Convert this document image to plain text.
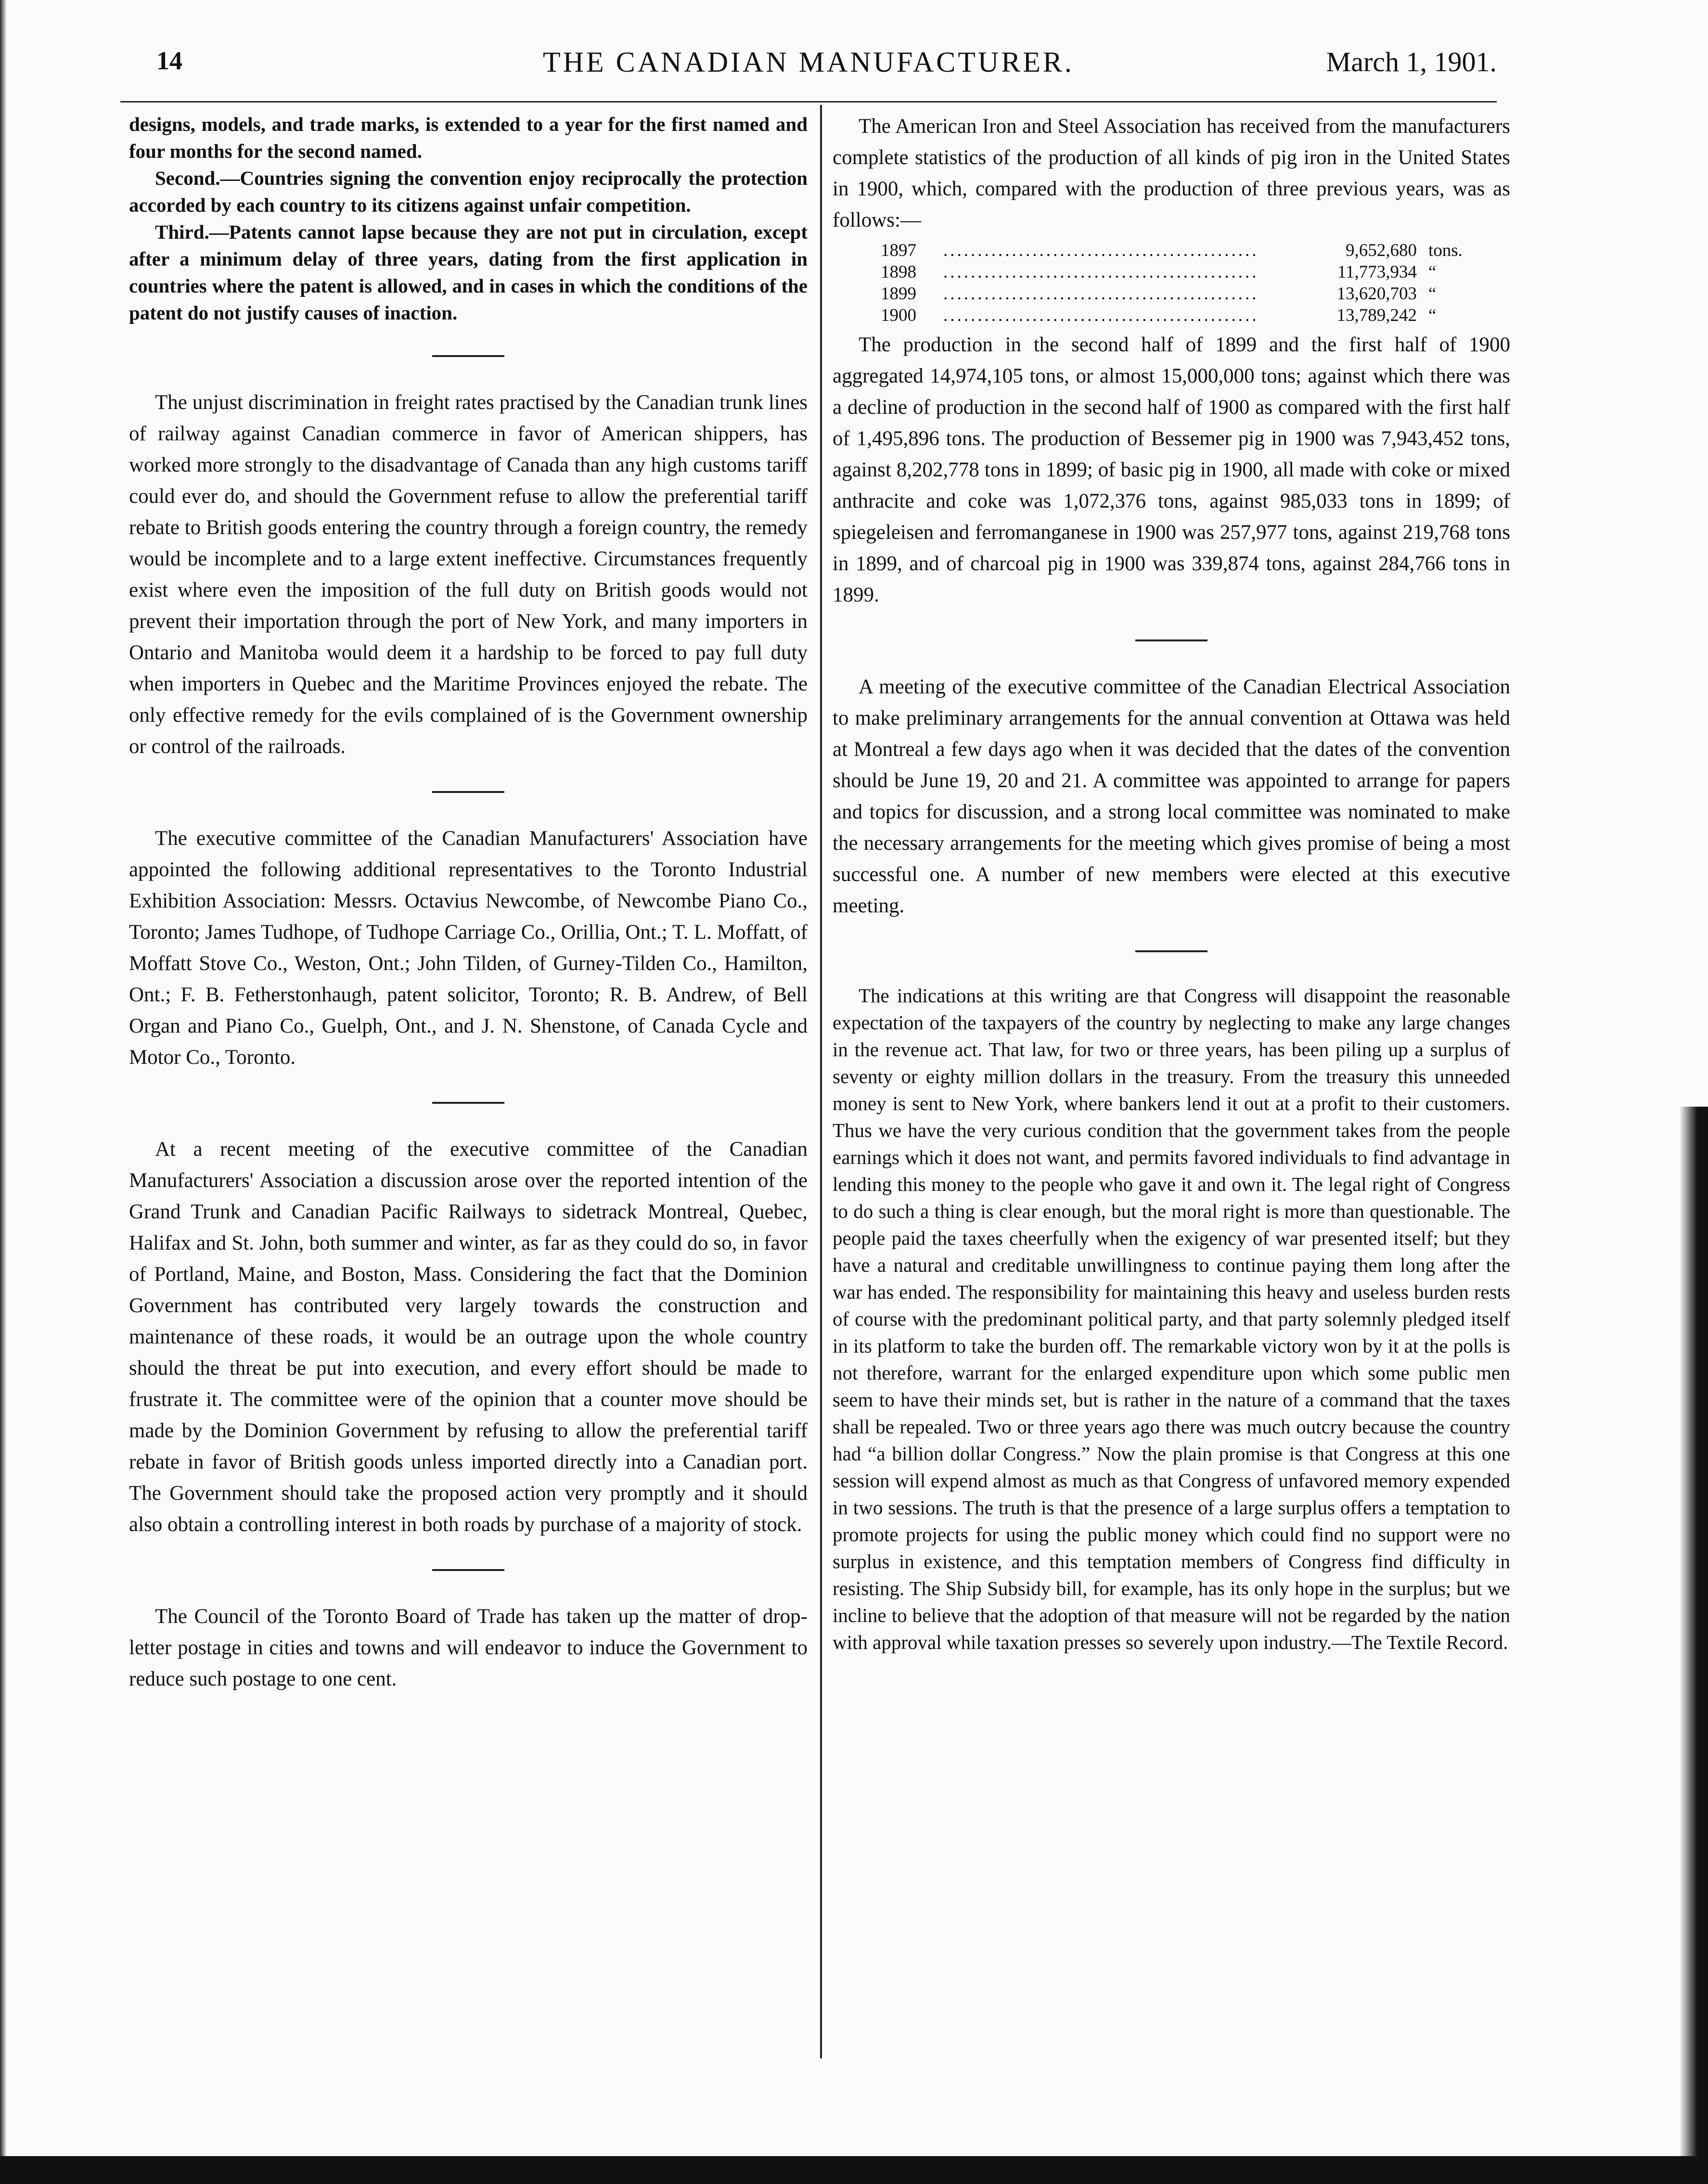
14	THE CANADIAN MANUFACTURER.	March 1, 1901.

designs, models, and trade marks, is extended to a year for the first named and four months for the second named.

Second.—Countries signing the convention enjoy reciprocally the protection accorded by each country to its citizens against unfair competition.

Third.—Patents cannot lapse because they are not put in circulation, except after a minimum delay of three years, dating from the first application in countries where the patent is allowed, and in cases in which the conditions of the patent do not justify causes of inaction.

The unjust discrimination in freight rates practised by the Canadian trunk lines of railway against Canadian commerce in favor of American shippers, has worked more strongly to the disadvantage of Canada than any high customs tariff could ever do, and should the Government refuse to allow the preferential tariff rebate to British goods entering the country through a foreign country, the remedy would be incomplete and to a large extent ineffective. Circumstances frequently exist where even the imposition of the full duty on British goods would not prevent their importation through the port of New York, and many importers in Ontario and Manitoba would deem it a hardship to be forced to pay full duty when importers in Quebec and the Maritime Provinces enjoyed the rebate. The only effective remedy for the evils complained of is the Government ownership or control of the railroads.

The executive committee of the Canadian Manufacturers' Association have appointed the following additional representatives to the Toronto Industrial Exhibition Association: Messrs. Octavius Newcombe, of Newcombe Piano Co., Toronto; James Tudhope, of Tudhope Carriage Co., Orillia, Ont.; T. L. Moffatt, of Moffatt Stove Co., Weston, Ont.; John Tilden, of Gurney-Tilden Co., Hamilton, Ont.; F. B. Fetherstonhaugh, patent solicitor, Toronto; R. B. Andrew, of Bell Organ and Piano Co., Guelph, Ont., and J. N. Shenstone, of Canada Cycle and Motor Co., Toronto.

At a recent meeting of the executive committee of the Canadian Manufacturers' Association a discussion arose over the reported intention of the Grand Trunk and Canadian Pacific Railways to sidetrack Montreal, Quebec, Halifax and St. John, both summer and winter, as far as they could do so, in favor of Portland, Maine, and Boston, Mass. Considering the fact that the Dominion Government has contributed very largely towards the construction and maintenance of these roads, it would be an outrage upon the whole country should the threat be put into execution, and every effort should be made to frustrate it. The committee were of the opinion that a counter move should be made by the Dominion Government by refusing to allow the preferential tariff rebate in favor of British goods unless imported directly into a Canadian port. The Government should take the proposed action very promptly and it should also obtain a controlling interest in both roads by purchase of a majority of stock.

The Council of the Toronto Board of Trade has taken up the matter of drop-letter postage in cities and towns and will endeavor to induce the Government to reduce such postage to one cent.

The American Iron and Steel Association has received from the manufacturers complete statistics of the production of all kinds of pig iron in the United States in 1900, which, compared with the production of three previous years, was as follows:—

1897	..............................................	9,652,680 tons.
1898	..............................................	11,773,934 “
1899	..............................................	13,620,703 “
1900	..............................................	13,789,242 “

The production in the second half of 1899 and the first half of 1900 aggregated 14,974,105 tons, or almost 15,000,000 tons; against which there was a decline of production in the second half of 1900 as compared with the first half of 1,495,896 tons. The production of Bessemer pig in 1900 was 7,943,452 tons, against 8,202,778 tons in 1899; of basic pig in 1900, all made with coke or mixed anthracite and coke was 1,072,376 tons, against 985,033 tons in 1899; of spiegeleisen and ferromanganese in 1900 was 257,977 tons, against 219,768 tons in 1899, and of charcoal pig in 1900 was 339,874 tons, against 284,766 tons in 1899.

A meeting of the executive committee of the Canadian Electrical Association to make preliminary arrangements for the annual convention at Ottawa was held at Montreal a few days ago when it was decided that the dates of the convention should be June 19, 20 and 21. A committee was appointed to arrange for papers and topics for discussion, and a strong local committee was nominated to make the necessary arrangements for the meeting which gives promise of being a most successful one. A number of new members were elected at this executive meeting.

The indications at this writing are that Congress will disappoint the reasonable expectation of the taxpayers of the country by neglecting to make any large changes in the revenue act. That law, for two or three years, has been piling up a surplus of seventy or eighty million dollars in the treasury. From the treasury this unneeded money is sent to New York, where bankers lend it out at a profit to their customers. Thus we have the very curious condition that the government takes from the people earnings which it does not want, and permits favored individuals to find advantage in lending this money to the people who gave it and own it. The legal right of Congress to do such a thing is clear enough, but the moral right is more than questionable. The people paid the taxes cheerfully when the exigency of war presented itself; but they have a natural and creditable unwillingness to continue paying them long after the war has ended. The responsibility for maintaining this heavy and useless burden rests of course with the predominant political party, and that party solemnly pledged itself in its platform to take the burden off. The remarkable victory won by it at the polls is not therefore, warrant for the enlarged expenditure upon which some public men seem to have their minds set, but is rather in the nature of a command that the taxes shall be repealed. Two or three years ago there was much outcry because the country had “a billion dollar Congress.” Now the plain promise is that Congress at this one session will expend almost as much as that Congress of unfavored memory expended in two sessions. The truth is that the presence of a large surplus offers a temptation to promote projects for using the public money which could find no support were no surplus in existence, and this temptation members of Congress find difficulty in resisting. The Ship Subsidy bill, for example, has its only hope in the surplus; but we incline to believe that the adoption of that measure will not be regarded by the nation with approval while taxation presses so severely upon industry.—The Textile Record.
